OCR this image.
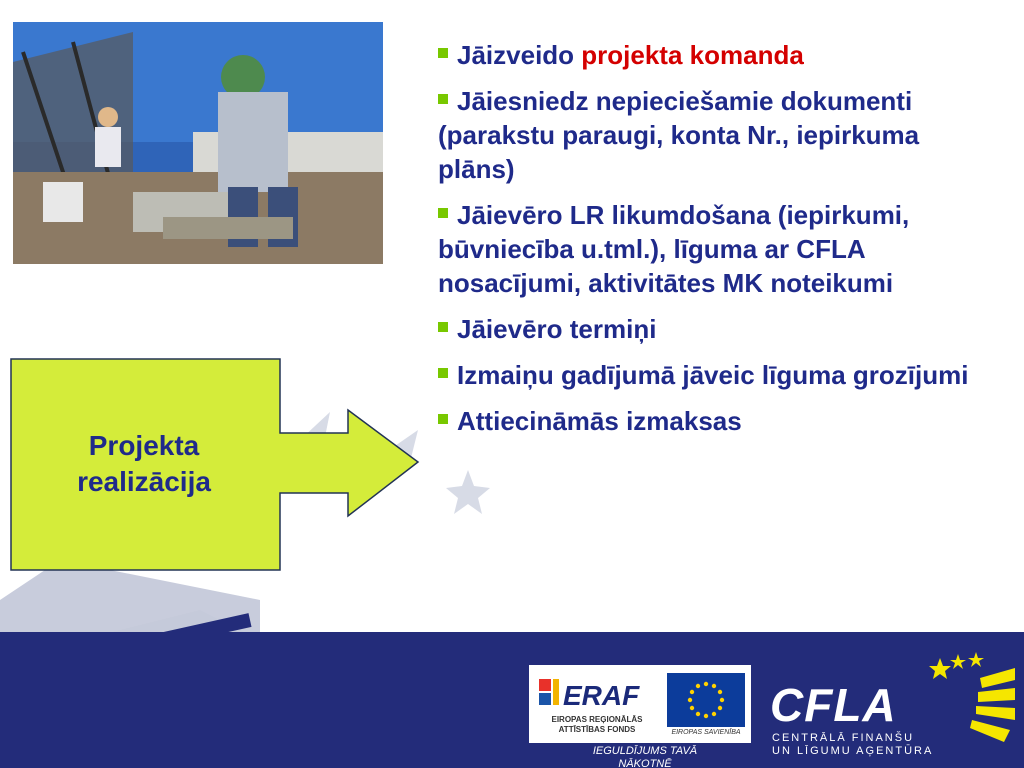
Projekta
realizācija
Jāizveido projekta komanda
Jāiesniedz nepieciešamie dokumenti (parakstu paraugi, konta Nr., iepirkuma plāns)
Jāievēro LR likumdošana (iepirkumi, būvniecība u.tml.), līguma ar CFLA nosacījumi, aktivitātes MK noteikumi
Jāievēro termiņi
Izmaiņu gadījumā jāveic līguma grozījumi
Attiecināmās izmaksas
ERAF
EIROPAS REĢIONĀLĀS
ATTĪSTĪBAS FONDS	EIROPAS SAVIENĪBA
IEGULDĪJUMS TAVĀ
NĀKOTNĒ
CFLA
CENTRĀLĀ FINANŠU
UN LĪGUMU AĢENTŪRA
